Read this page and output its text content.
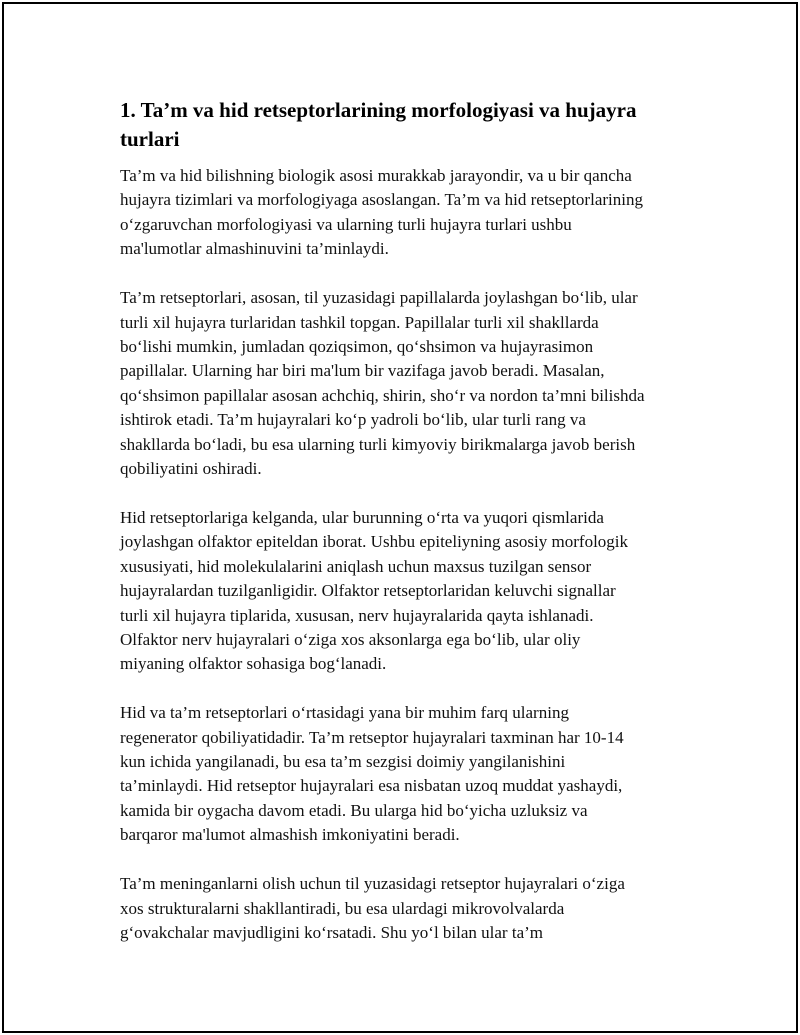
1. Ta’m va hid retseptorlarining morfologiyasi va hujayra
turlari

Ta’m va hid bilishning biologik asosi murakkab jarayondir, va u bir qancha
hujayra tizimlari va morfologiyaga asoslangan. Ta’m va hid retseptorlarining
o‘zgaruvchan morfologiyasi va ularning turli hujayra turlari ushbu
ma'lumotlar almashinuvini ta’minlaydi.

Ta’m retseptorlari, asosan, til yuzasidagi papillalarda joylashgan bo‘lib, ular
turli xil hujayra turlaridan tashkil topgan. Papillalar turli xil shakllarda
bo‘lishi mumkin, jumladan qoziqsimon, qo‘shsimon va hujayrasimon
papillalar. Ularning har biri ma'lum bir vazifaga javob beradi. Masalan,
qo‘shsimon papillalar asosan achchiq, shirin, sho‘r va nordon ta’mni bilishda
ishtirok etadi. Ta’m hujayralari ko‘p yadroli bo‘lib, ular turli rang va
shakllarda bo‘ladi, bu esa ularning turli kimyoviy birikmalarga javob berish
qobiliyatini oshiradi.

Hid retseptorlariga kelganda, ular burunning o‘rta va yuqori qismlarida
joylashgan olfaktor epiteldan iborat. Ushbu epiteliyning asosiy morfologik
xususiyati, hid molekulalarini aniqlash uchun maxsus tuzilgan sensor
hujayralardan tuzilganligidir. Olfaktor retseptorlaridan keluvchi signallar
turli xil hujayra tiplarida, xususan, nerv hujayralarida qayta ishlanadi.
Olfaktor nerv hujayralari o‘ziga xos aksonlarga ega bo‘lib, ular oliy
miyaning olfaktor sohasiga bog‘lanadi.

Hid va ta’m retseptorlari o‘rtasidagi yana bir muhim farq ularning
regenerator qobiliyatidadir. Ta’m retseptor hujayralari taxminan har 10-14
kun ichida yangilanadi, bu esa ta’m sezgisi doimiy yangilanishini
ta’minlaydi. Hid retseptor hujayralari esa nisbatan uzoq muddat yashaydi,
kamida bir oygacha davom etadi. Bu ularga hid bo‘yicha uzluksiz va
barqaror ma'lumot almashish imkoniyatini beradi.

Ta’m meninganlarni olish uchun til yuzasidagi retseptor hujayralari o‘ziga
xos strukturalarni shakllantiradi, bu esa ulardagi mikrovolvalarda
g‘ovakchalar mavjudligini ko‘rsatadi. Shu yo‘l bilan ular ta’m
